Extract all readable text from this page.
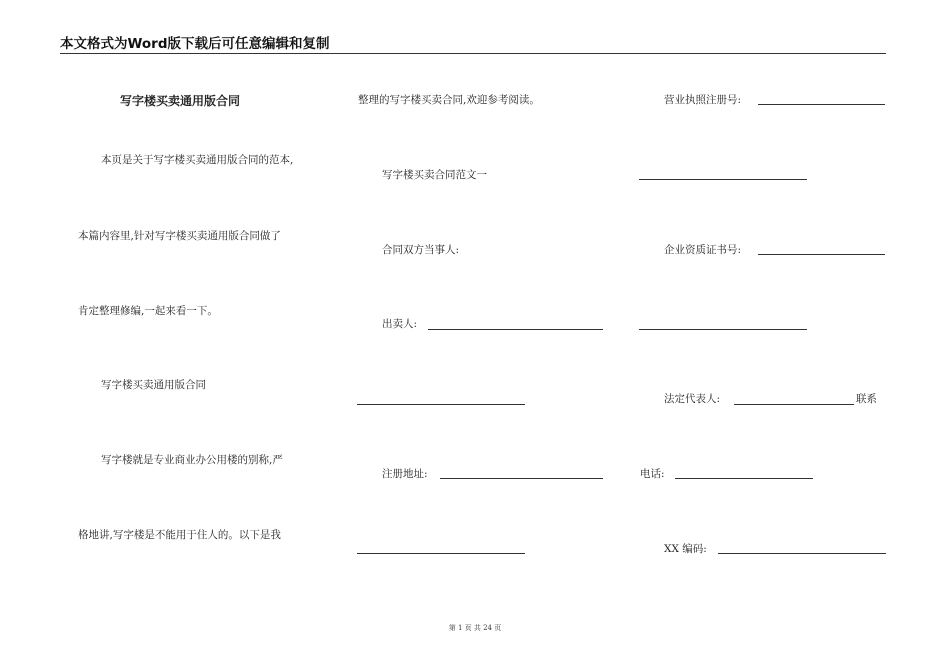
本文格式为Word版下载后可任意编辑和复制
写字楼买卖通用版合同
本页是关于写字楼买卖通用版合同的范本,
本篇内容里,针对写字楼买卖通用版合同做了
肯定整理修编,一起来看一下。
写字楼买卖通用版合同
写字楼就是专业商业办公用楼的别称,严
格地讲,写字楼是不能用于住人的。以下是我
整理的写字楼买卖合同,欢迎参考阅读。
写字楼买卖合同范文一
合同双方当事人:
出卖人:
注册地址:
营业执照注册号:
企业资质证书号:
法定代表人:	联系
电话:
XX 编码:
第 1 页 共 24 页
